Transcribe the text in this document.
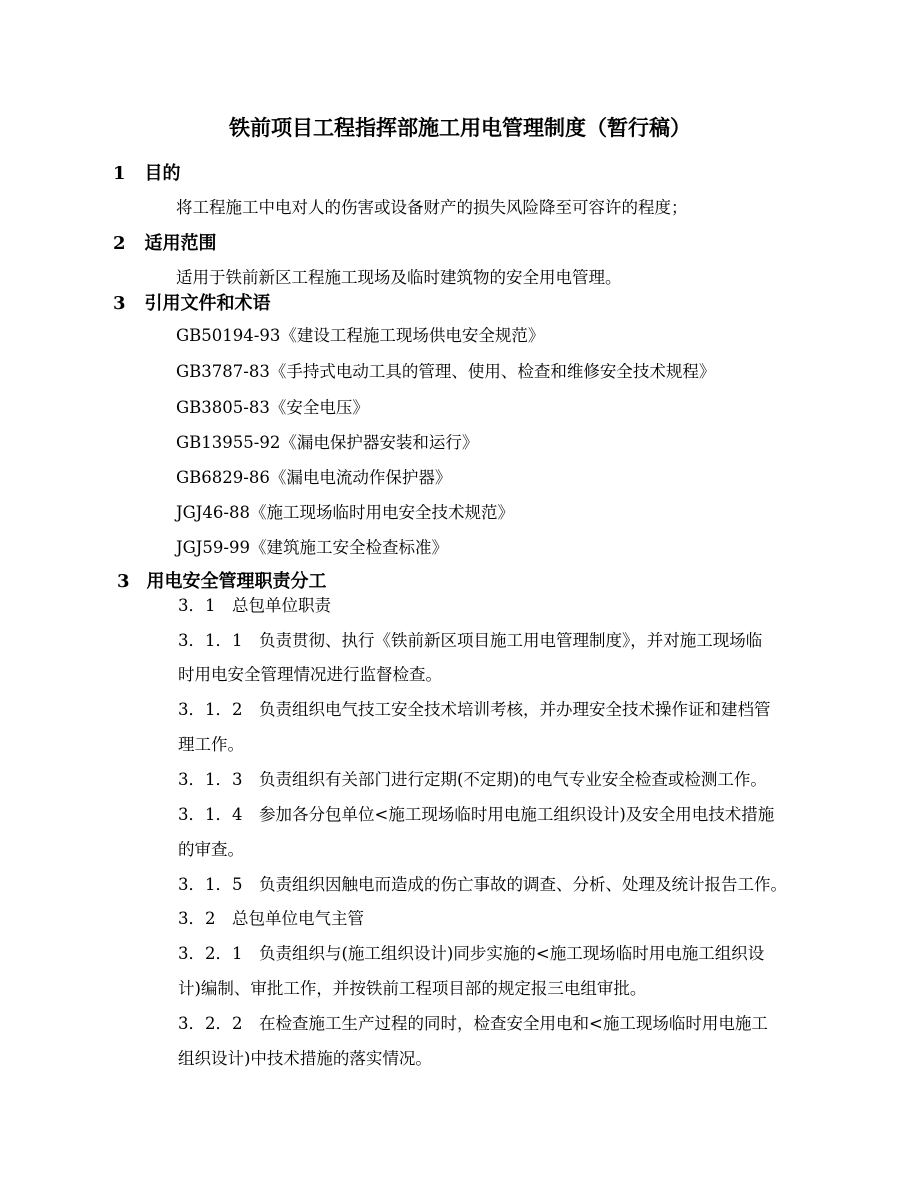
铁前项目工程指挥部施工用电管理制度（暂行稿）
1 目的
将工程施工中电对人的伤害或设备财产的损失风险降至可容许的程度；
2 适用范围
适用于铁前新区工程施工现场及临时建筑物的安全用电管理。
3 引用文件和术语
GB50194-93《建设工程施工现场供电安全规范》
GB3787-83《手持式电动工具的管理、使用、检查和维修安全技术规程》
GB3805-83《安全电压》
GB13955-92《漏电保护器安装和运行》
GB6829-86《漏电电流动作保护器》
JGJ46-88《施工现场临时用电安全技术规范》
JGJ59-99《建筑施工安全检查标准》
3 用电安全管理职责分工
3．1　总包单位职责
3．1．1　负责贯彻、执行《铁前新区项目施工用电管理制度》，并对施工现场临
时用电安全管理情况进行监督检查。
3．1．2　负责组织电气技工安全技术培训考核，并办理安全技术操作证和建档管
理工作。
3．1．3　负责组织有关部门进行定期(不定期)的电气专业安全检查或检测工作。
3．1．4　参加各分包单位<施工现场临时用电施工组织设计)及安全用电技术措施
的审查。
3．1．5　负责组织因触电而造成的伤亡事故的调查、分析、处理及统计报告工作。
3．2　总包单位电气主管
3．2．1　负责组织与(施工组织设计)同步实施的<施工现场临时用电施工组织设
计)编制、审批工作，并按铁前工程项目部的规定报三电组审批。
3．2．2　在检查施工生产过程的同时，检查安全用电和<施工现场临时用电施工
组织设计)中技术措施的落实情况。
